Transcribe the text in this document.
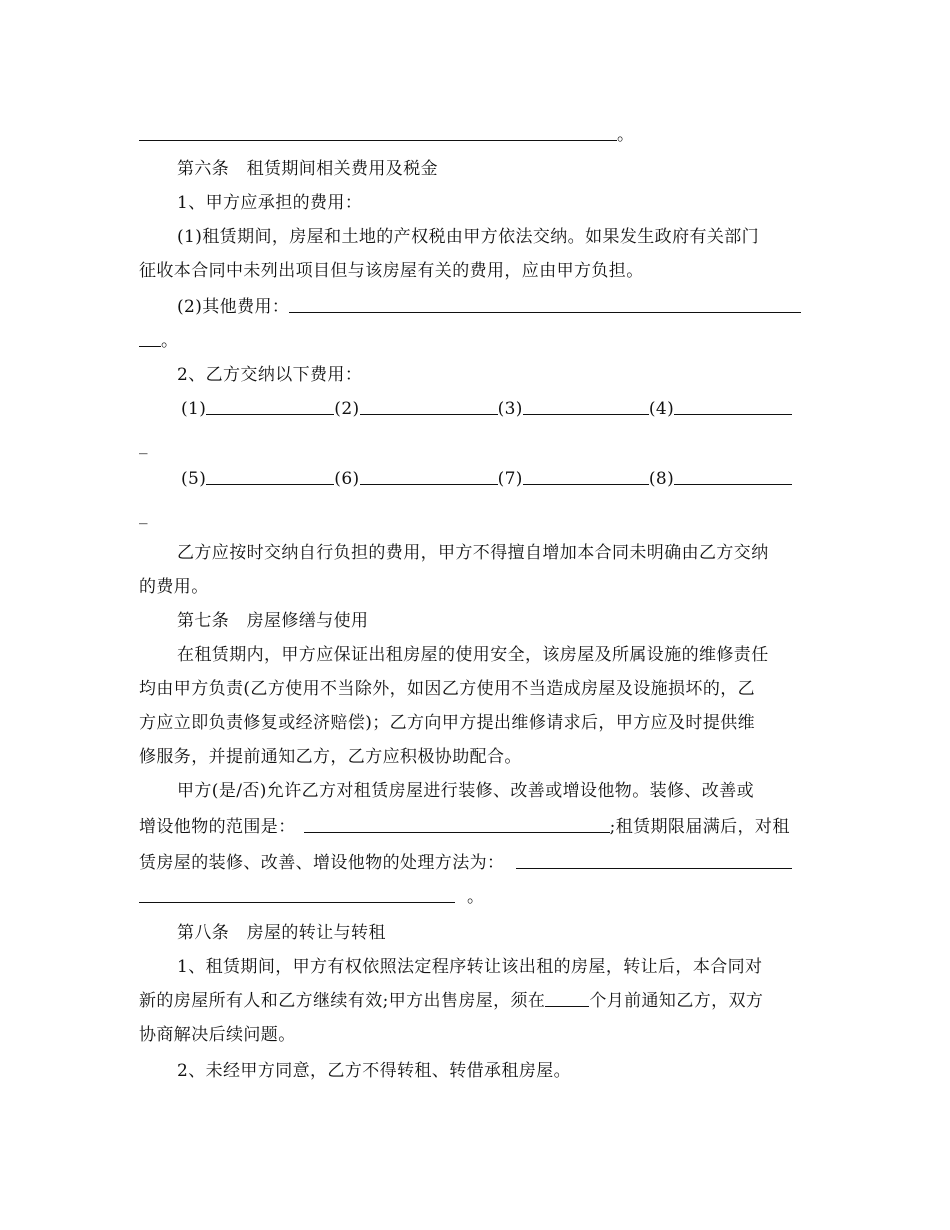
。
第六条　租赁期间相关费用及税金
1、甲方应承担的费用：
(1)租赁期间，房屋和土地的产权税由甲方依法交纳。如果发生政府有关部门
征收本合同中未列出项目但与该房屋有关的费用，应由甲方负担。
(2)其他费用：
。
2、乙方交纳以下费用：
(1)	(2)	(3)	(4)
_
(5)	(6)	(7)	(8)
_
乙方应按时交纳自行负担的费用，甲方不得擅自增加本合同未明确由乙方交纳
的费用。
第七条　房屋修缮与使用
在租赁期内，甲方应保证出租房屋的使用安全，该房屋及所属设施的维修责任
均由甲方负责(乙方使用不当除外，如因乙方使用不当造成房屋及设施损坏的，乙
方应立即负责修复或经济赔偿)；乙方向甲方提出维修请求后，甲方应及时提供维
修服务，并提前通知乙方，乙方应积极协助配合。
甲方(是/否)允许乙方对租赁房屋进行装修、改善或增设他物。装修、改善或
增设他物的范围是：	;租赁期限届满后，对租
赁房屋的装修、改善、增设他物的处理方法为：
。
第八条　房屋的转让与转租
1、租赁期间，甲方有权依照法定程序转让该出租的房屋，转让后，本合同对
新的房屋所有人和乙方继续有效;甲方出售房屋，须在	个月前通知乙方，双方
协商解决后续问题。
2、未经甲方同意，乙方不得转租、转借承租房屋。
